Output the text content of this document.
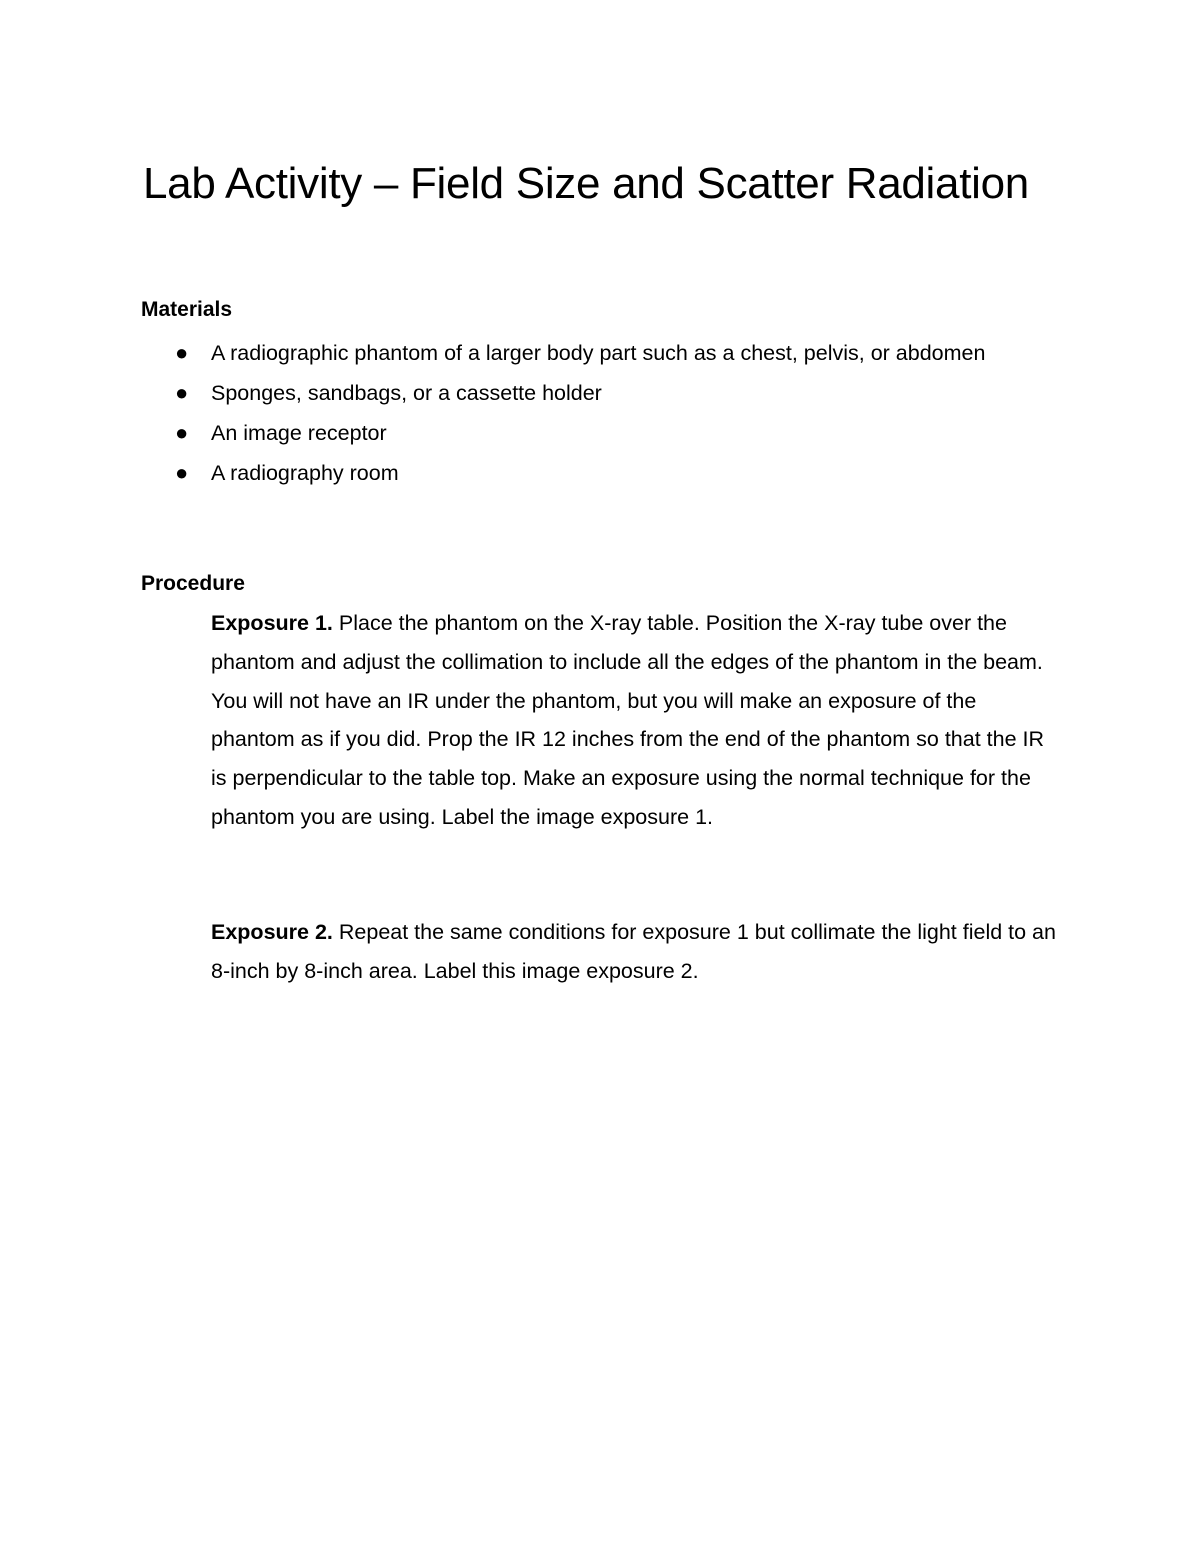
Lab Activity – Field Size and Scatter Radiation
Materials
● A radiographic phantom of a larger body part such as a chest, pelvis, or abdomen
● Sponges, sandbags, or a cassette holder
● An image receptor
● A radiography room
Procedure

Exposure 1. Place the phantom on the X-ray table. Position the X-ray tube over the phantom and adjust the collimation to include all the edges of the phantom in the beam. You will not have an IR under the phantom, but you will make an exposure of the phantom as if you did. Prop the IR 12 inches from the end of the phantom so that the IR is perpendicular to the table top. Make an exposure using the normal technique for the phantom you are using. Label the image exposure 1.

Exposure 2. Repeat the same conditions for exposure 1 but collimate the light field to an 8-inch by 8-inch area. Label this image exposure 2.
